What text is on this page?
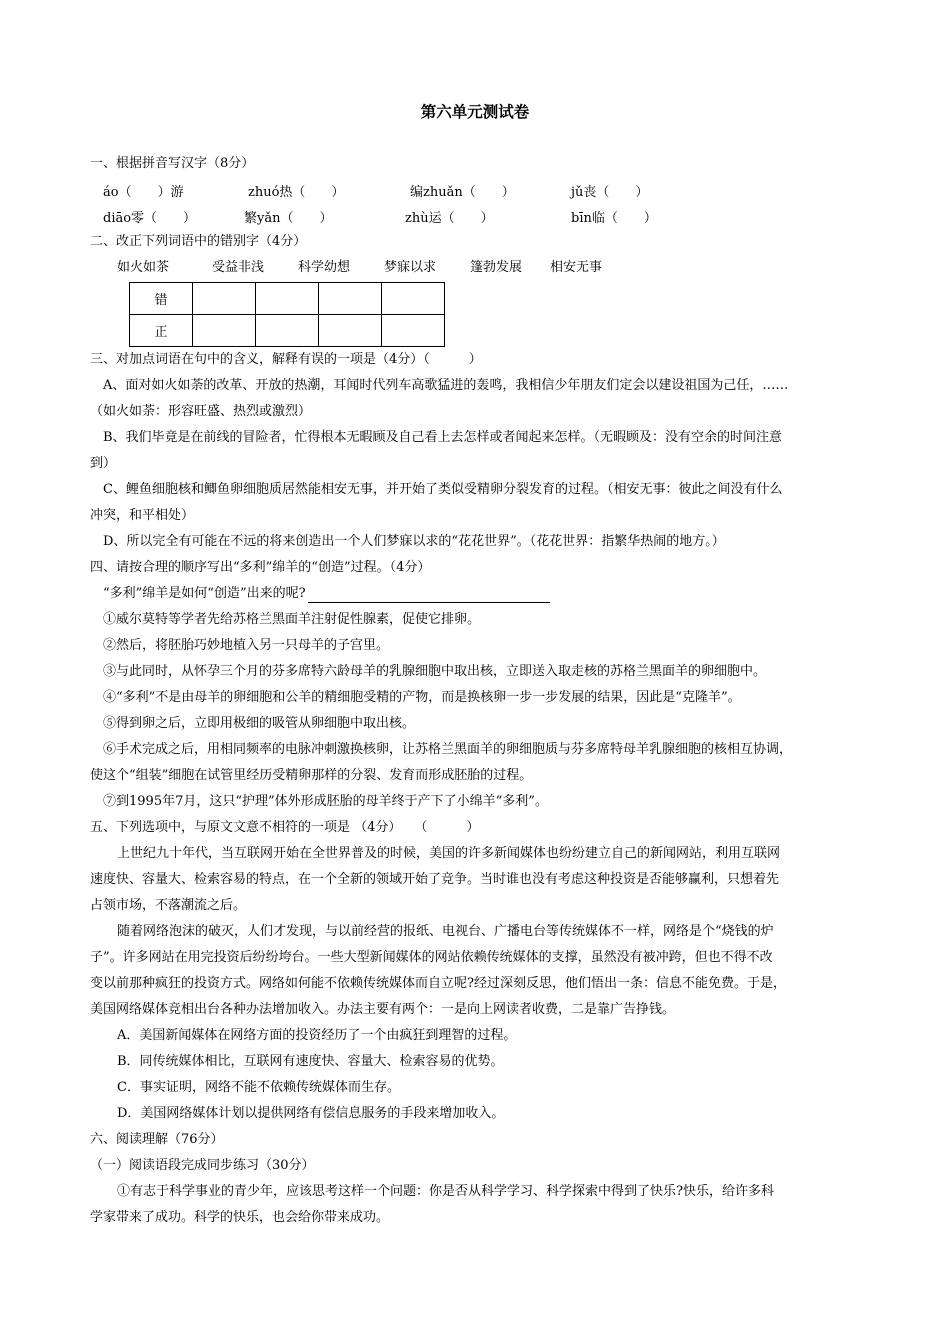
第六单元测试卷
一、根据拼音写汉字（8分）
áo（　　）游	zhuó热（　　）	编zhuǎn（　　）	jǔ丧（　　）
diāo零（　　）	繁yǎn（　　）	zhù运（　　）	bīn临（　　）
二、改正下列词语中的错别字（4分）
如火如茶	受益非浅	科学幼想	梦寐以求	篷勃发展 相安无事
错				
正				
三、对加点词语在句中的含义，解释有误的一项是（4分）（　　　）
A、面对如火如荼的改革、开放的热潮，耳闻时代列车高歌猛进的轰鸣，我相信少年朋友们定会以建设祖国为己任，……
（如火如荼：形容旺盛、热烈或激烈）
B、我们毕竟是在前线的冒险者，忙得根本无暇顾及自己看上去怎样或者闻起来怎样。（无暇顾及：没有空余的时间注意
到）
C、鲤鱼细胞核和鲫鱼卵细胞质居然能相安无事，并开始了类似受精卵分裂发育的过程。（相安无事：彼此之间没有什么
冲突，和平相处）
D、所以完全有可能在不远的将来创造出一个人们梦寐以求的“花花世界”。（花花世界：指繁华热闹的地方。）
四、请按合理的顺序写出“多利”绵羊的“创造”过程。（4分）
“多利”绵羊是如何“创造”出来的呢?
①威尔莫特等学者先给苏格兰黑面羊注射促性腺素，促使它排卵。
②然后，将胚胎巧妙地植入另一只母羊的子宫里。
③与此同时，从怀孕三个月的芬多席特六龄母羊的乳腺细胞中取出核，立即送入取走核的苏格兰黑面羊的卵细胞中。
④“多利”不是由母羊的卵细胞和公羊的精细胞受精的产物，而是换核卵一步一步发展的结果，因此是“克隆羊”。
⑤得到卵之后，立即用极细的吸管从卵细胞中取出核。
⑥手术完成之后，用相同频率的电脉冲刺激换核卵，让苏格兰黑面羊的卵细胞质与芬多席特母羊乳腺细胞的核相互协调，
使这个“组装”细胞在试管里经历受精卵那样的分裂、发育而形成胚胎的过程。
⑦到1995年7月，这只“护理”体外形成胚胎的母羊终于产下了小绵羊“多利”。
五、下列选项中，与原文文意不相符的一项是 （4分）　　（　　　）
上世纪九十年代，当互联网开始在全世界普及的时候，美国的许多新闻媒体也纷纷建立自己的新闻网站，利用互联网
速度快、容量大、检索容易的特点，在一个全新的领域开始了竞争。当时谁也没有考虑这种投资是否能够赢利，只想着先
占领市场，不落潮流之后。
随着网络泡沫的破灭，人们才发现，与以前经营的报纸、电视台、广播电台等传统媒体不一样，网络是个“烧钱的炉
子”。许多网站在用完投资后纷纷垮台。一些大型新闻媒体的网站依赖传统媒体的支撑，虽然没有被冲跨，但也不得不改
变以前那种疯狂的投资方式。网络如何能不依赖传统媒体而自立呢?经过深刻反思，他们悟出一条：信息不能免费。于是，
美国网络媒体竞相出台各种办法增加收入。办法主要有两个：一是向上网读者收费，二是靠广告挣钱。
A．美国新闻媒体在网络方面的投资经历了一个由疯狂到理智的过程。
B．同传统媒体相比，互联网有速度快、容量大、检索容易的优势。
C．事实证明，网络不能不依赖传统媒体而生存。
D．美国网络媒体计划以提供网络有偿信息服务的手段来增加收入。
六、阅读理解（76分）
（一）阅读语段完成同步练习（30分）
①有志于科学事业的青少年，应该思考这样一个问题：你是否从科学学习、科学探索中得到了快乐?快乐，给许多科
学家带来了成功。科学的快乐，也会给你带来成功。
